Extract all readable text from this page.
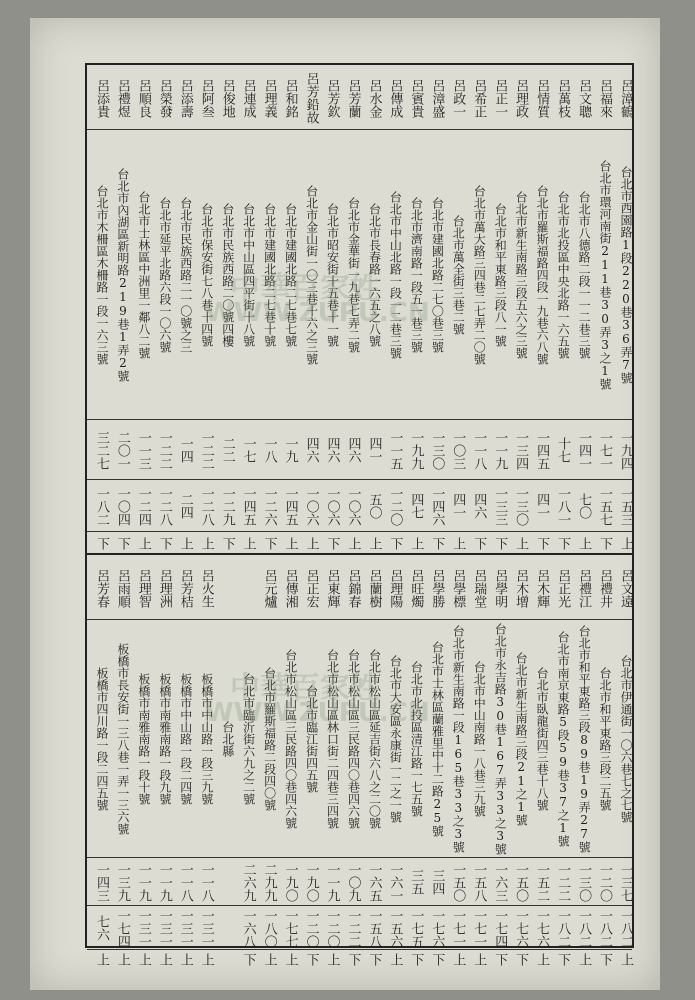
呂漳鶴
呂福來
呂文聰
呂萬枝
呂情質
呂理政
呂正一
呂希正
呂政一
呂漳盛
呂賓貴
呂傳成
呂水金
呂芳蘭
呂芳欽
呂芳鉛故
呂和銘
呂理義
呂連成
呂俊地
呂阿叁
呂添壽
呂榮發
呂順良
呂禮煜
呂添貴
台北市西園路1段220巷36弄7號
台北市環河南街211巷30弄3之1號
台北市八德路二段一一二巷三號
台北市北投區中央北路一六五號
台北市羅斯福路四段一九巷六八號
台北市新生南路三段五六之三號
台北市和平東路三段八一號
台北市萬大路三四巷二七弄二〇號
台北市萬全街三巷二號
台北市建國北路二七〇巷三號
台北市濟南路一段五一巷三號
台北市中山北路一段一二巷三號
台北市長春路一六五之八號
台北市金華街一九巷七弄二號
台北市昭安街十五巷十一號
台北市金山街一〇三巷十六之三號
台北市建國北路二七巷七號
台北市建國北路二七巷十號
台北市中山區四平街十八號
台北市民族西路二〇號四樓
台北市保安街七八巷十四號
台北市民族西路二一〇號之三
台北市延平北路六段一〇六號
台北市士林區中洲里一鄰八二號
台北市內湖區新明路219巷1弄2號
台北市木柵區木柵路一段一六三號
一九四
一七一
一四一
十七
一四五
一三四
一一九
一一八
一〇三
一三〇
一九九
一一五
四一
四六
四六
四六
一九
一八
一七
二二
一二二
一四
一二二
一一三
二〇一
三二七
一五三
一五七
七〇
一八一
四一
一三〇
一三三
四六
四一
一四六
四七
一二〇
五〇
一〇六
一〇六
一〇六
一四五
一二六
一四五
一二九
一二八
二四
一二八
一二四
一〇四
一八二
上
下
上
下
下
上
下
下
上
下
上
下
上
上
下
上
上
下
上
下
上
上
下
上
下
下
呂文遠
呂禮井
呂禮江
呂正光
呂木輝
呂木增
呂學明
呂瑞堂
呂學標
呂學勝
呂旺燭
呂理陽
呂蘭樹
呂錦春
呂東輝
呂正宏
呂傳湘
呂元爐
呂火生
呂芳桔
呂理洲
呂理智
呂雨順
呂芳春
台北市伊通街一〇六巷七之七號
台北市和平東路三段二五號
台北市和平東路三段89巷19弄27號
台北市南京東路5段59巷37之1號
台北市臥龍街四三巷十八號
台北市新生南路三段21之1號
台北市永吉路30巷167弄33之3號
台北市中山南路一八巷三九號
台北市新生南路一段165巷33之3號
台北市士林區蘭雅里中十二路25號
台北市北投區清江路一七五號
台北市大安區永康街一二之一號
台北市松山區延吉街六八之二〇號
台北市松山區三民路四〇巷四六號
台北市松山區林口街二四巷三四號
台北市臨江街四五號
台北市松山區三民路四〇巷四六號
台北市羅斯福路二段四〇號
台北市臨沂街六九之二號
台北縣
板橋市中山路一段三九號
板橋市中山路一段二四號
板橋市南雅南路一段九號
板橋市南雅南路一段十號
板橋市長安街一三八巷一弄一三六號
板橋市四川路一段二四五號
一三七
一二〇
一三〇
一二二
一五二
一五〇
一六三
一五八
一五〇
三四
三五
一六一
一六五
一〇九
一一九
一九〇
一九〇
二九九
二六九
一一八
一一八
一一九
一一九
一三九
一四三
一八二
一八二
一八二
一八二
一七六
一七六
一七四
一七一
一七一
一七六
一七五
一五六
一五八
一二二
一二〇
一二〇
一七七
一八〇
一六八
一三一
一三一
一三一
一三一
一七四
七六
上
下
上
下
上
下
下
上
上
下
下
上
下
下
上
下
上
上
下
上
上
上
上
上
上
中華百家姓
WWW.ZUPU.CN
中華百家姓
WWW.ZUPU.CN
